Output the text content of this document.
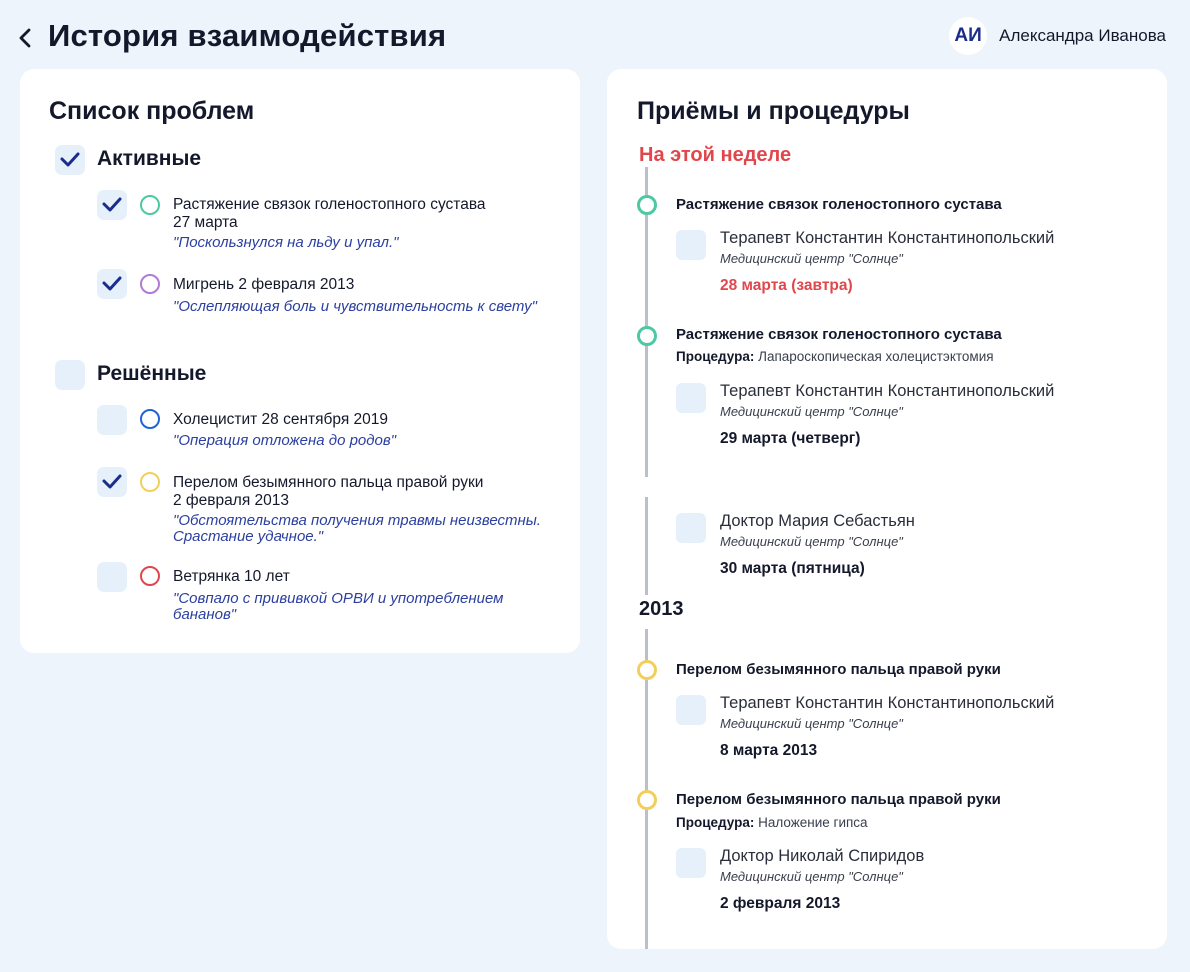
История взаимодействия	АИ	Александра Иванова
Список проблем
Активные
Растяжение связок голеностопного сустава
27 марта
"Поскользнулся на льду и упал."
Мигрень 2 февраля 2013
"Ослепляющая боль и чувствительность к свету"
Решённые
Холецистит 28 сентября 2019
"Операция отложена до родов"
Перелом безымянного пальца правой руки
2 февраля 2013
"Обстоятельства получения травмы неизвестны.
Срастание удачное."
Ветрянка 10 лет
"Совпало с прививкой ОРВИ и употреблением
бананов"
Приёмы и процедуры
На этой неделе
Растяжение связок голеностопного сустава
Терапевт Константин Константинопольский
Медицинский центр "Солнце"
28 марта (завтра)
Растяжение связок голеностопного сустава
Процедура: Лапароскопическая холецистэктомия
Терапевт Константин Константинопольский
Медицинский центр "Солнце"
29 марта (четверг)
Доктор Мария Себастьян
Медицинский центр "Солнце"
30 марта (пятница)
2013
Перелом безымянного пальца правой руки
Терапевт Константин Константинопольский
Медицинский центр "Солнце"
8 марта 2013
Перелом безымянного пальца правой руки
Процедура: Наложение гипса
Доктор Николай Спиридов
Медицинский центр "Солнце"
2 февраля 2013
